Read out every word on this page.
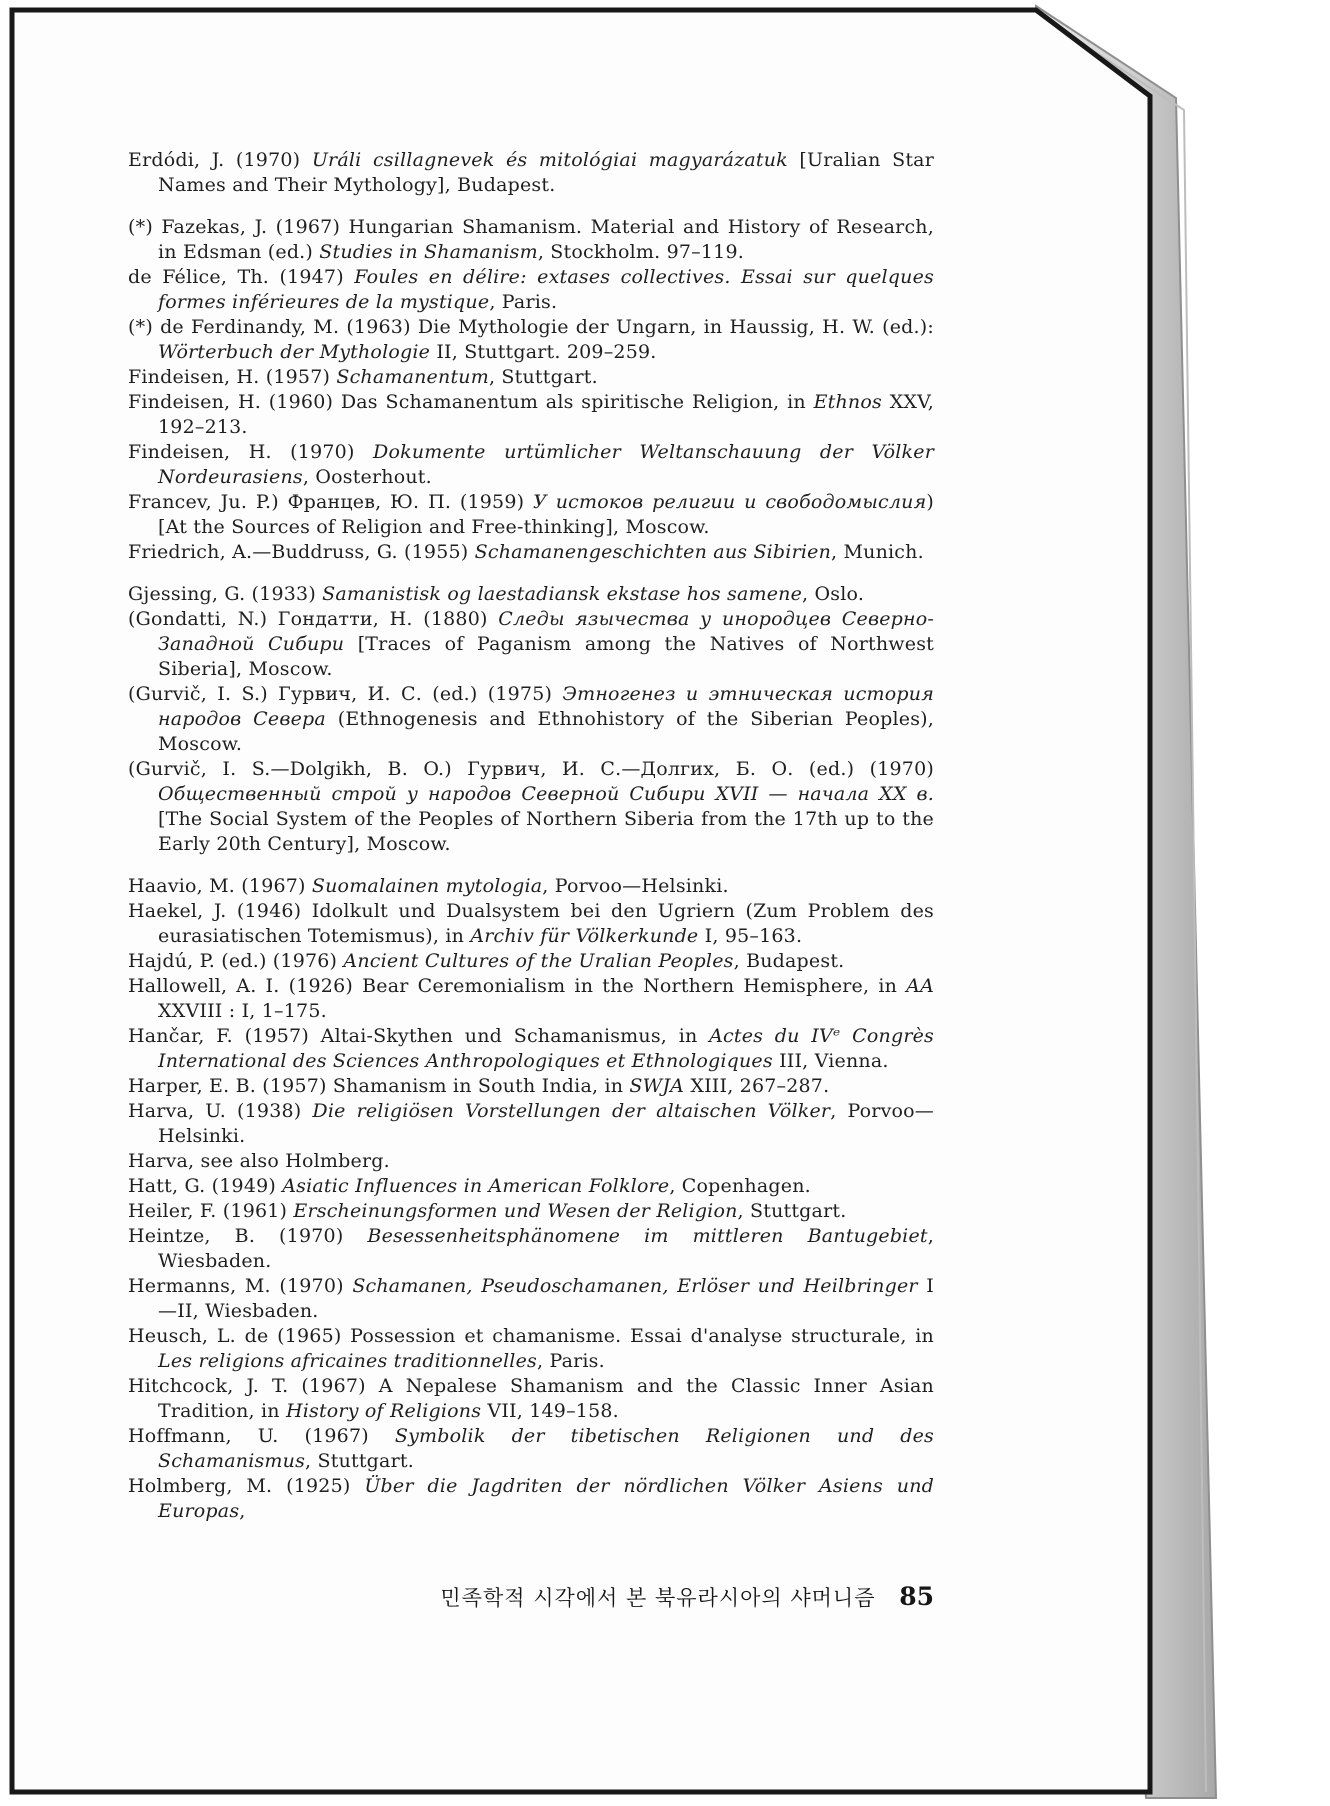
Erdódi, J. (1970) Uráli csillagnevek és mitológiai magyarázatuk [Uralian Star Names and Their Mythology], Budapest.

(*) Fazekas, J. (1967) Hungarian Shamanism. Material and History of Research, in Edsman (ed.) Studies in Shamanism, Stockholm. 97–119.

de Félice, Th. (1947) Foules en délire: extases collectives. Essai sur quelques formes inférieures de la mystique, Paris.

(*) de Ferdinandy, M. (1963) Die Mythologie der Ungarn, in Haussig, H. W. (ed.): Wörterbuch der Mythologie II, Stuttgart. 209–259.

Findeisen, H. (1957) Schamanentum, Stuttgart.

Findeisen, H. (1960) Das Schamanentum als spiritische Religion, in Ethnos XXV, 192–213.

Findeisen, H. (1970) Dokumente urtümlicher Weltanschauung der Völker Nordeurasiens, Oosterhout.

Francev, Ju. P.) Францев, Ю. П. (1959) У истоков религии и свободомыслия) [At the Sources of Religion and Free-thinking], Moscow.

Friedrich, A.—Buddruss, G. (1955) Schamanengeschichten aus Sibirien, Munich.

Gjessing, G. (1933) Samanistisk og laestadiansk ekstase hos samene, Oslo.

(Gondatti, N.) Гондатти, Н. (1880) Следы язычества у инородцев Северно-Западной Сибири [Traces of Paganism among the Natives of Northwest Siberia], Moscow.

(Gurvič, I. S.) Гурвич, И. С. (ed.) (1975) Этногенез и этническая история народов Севера (Ethnogenesis and Ethnohistory of the Siberian Peoples), Moscow.

(Gurvič, I. S.—Dolgikh, B. O.) Гурвич, И. С.—Долгих, Б. О. (ed.) (1970) Общественный строй у народов Северной Сибири XVII — начала XX в. [The Social System of the Peoples of Northern Siberia from the 17th up to the Early 20th Century], Moscow.

Haavio, M. (1967) Suomalainen mytologia, Porvoo—Helsinki.

Haekel, J. (1946) Idolkult und Dualsystem bei den Ugriern (Zum Problem des eurasiatischen Totemismus), in Archiv für Völkerkunde I, 95–163.

Hajdú, P. (ed.) (1976) Ancient Cultures of the Uralian Peoples, Budapest.

Hallowell, A. I. (1926) Bear Ceremonialism in the Northern Hemisphere, in AA XXVIII : I, 1–175.

Hančar, F. (1957) Altai-Skythen und Schamanismus, in Actes du IVᵉ Congrès International des Sciences Anthropologiques et Ethnologiques III, Vienna.

Harper, E. B. (1957) Shamanism in South India, in SWJA XIII, 267–287.

Harva, U. (1938) Die religiösen Vorstellungen der altaischen Völker, Porvoo—Helsinki.

Harva, see also Holmberg.

Hatt, G. (1949) Asiatic Influences in American Folklore, Copenhagen.

Heiler, F. (1961) Erscheinungsformen und Wesen der Religion, Stuttgart.

Heintze, B. (1970) Besessenheitsphänomene im mittleren Bantugebiet, Wiesbaden.

Hermanns, M. (1970) Schamanen, Pseudoschamanen, Erlöser und Heilbringer I—II, Wiesbaden.

Heusch, L. de (1965) Possession et chamanisme. Essai d'analyse structurale, in Les religions africaines traditionnelles, Paris.

Hitchcock, J. T. (1967) A Nepalese Shamanism and the Classic Inner Asian Tradition, in History of Religions VII, 149–158.

Hoffmann, U. (1967) Symbolik der tibetischen Religionen und des Schamanismus, Stuttgart.

Holmberg, M. (1925) Über die Jagdriten der nördlichen Völker Asiens und Europas,

민족학적 시각에서 본 북유라시아의 샤머니즘 85
